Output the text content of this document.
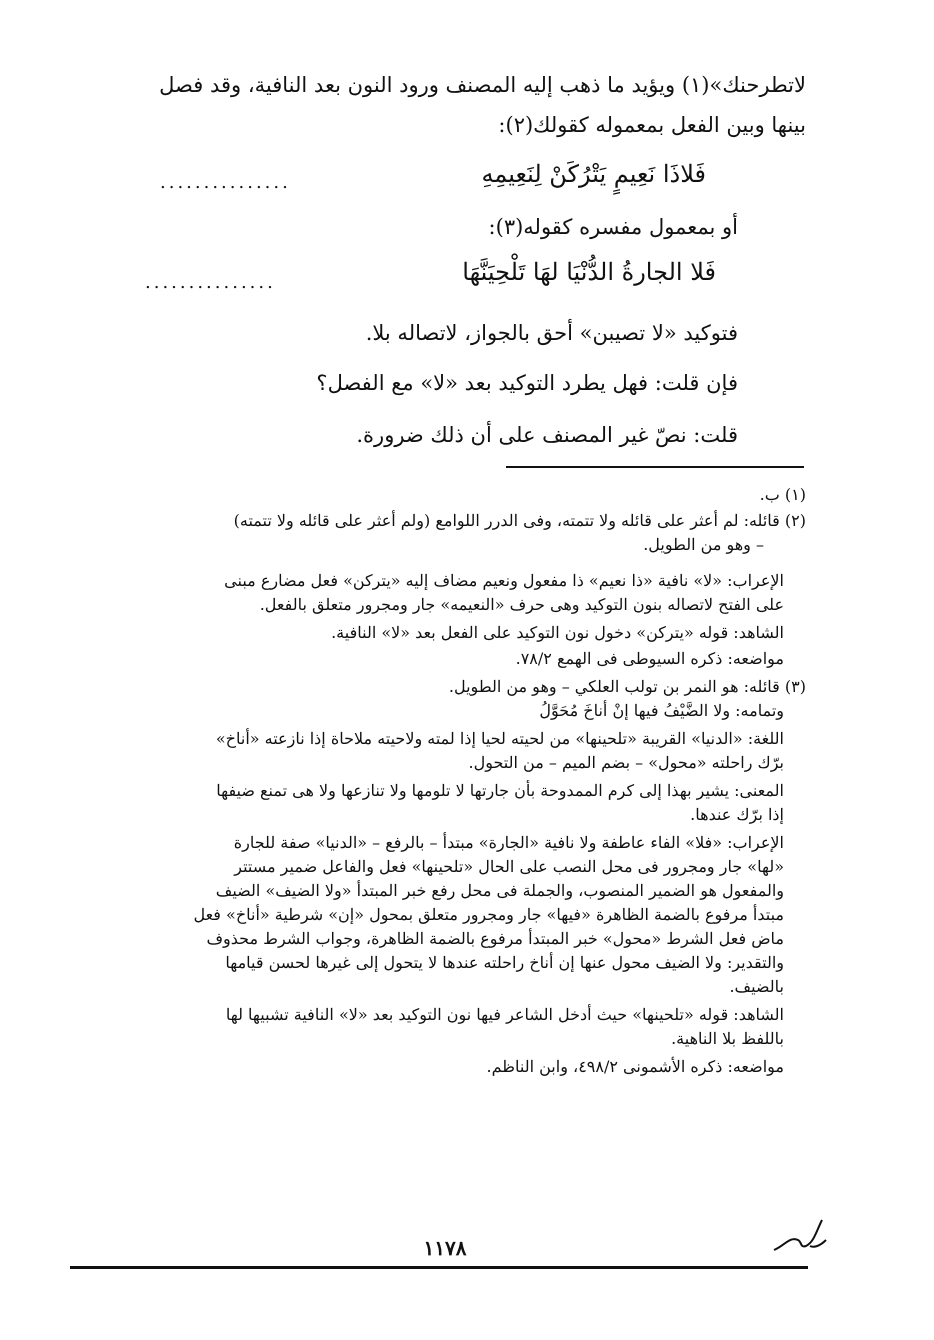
لاتطرحنك»(١) ويؤيد ما ذهب إليه المصنف ورود النون بعد النافية، وقد فصل
بينها وبين الفعل بمعموله كقولك(٢):
فَلاذَا نَعِيمٍ يَتْرُكَنْ لِنَعِيمِهِ
...............
أو بمعمول مفسره كقوله(٣):
فَلا الجارةُ الدُّنْيَا لهَا تَلْحِيَنَّهَا
...............
فتوكيد «لا تصيبن» أحق بالجواز، لاتصاله بلا.
فإن قلت: فهل يطرد التوكيد بعد «لا» مع الفصل؟
قلت: نصّ غير المصنف على أن ذلك ضرورة.
(١) ب.
(٢) قائله: لم أعثر على قائله ولا تتمته، وفى الدرر اللوامع (ولم أعثر على قائله ولا تتمته)
– وهو من الطويل.
الإعراب: «لا» نافية «ذا نعيم» ذا مفعول ونعيم مضاف إليه «يتركن» فعل مضارع مبنى
على الفتح لاتصاله بنون التوكيد وهى حرف «النعيمه» جار ومجرور متعلق بالفعل.
الشاهد: قوله «يتركن» دخول نون التوكيد على الفعل بعد «لا» النافية.
مواضعه: ذكره السيوطى فى الهمع ٧٨/٢.
(٣) قائله: هو النمر بن تولب العلكي – وهو من الطويل.
وتمامه: ولا الضَّيْفُ فيها إنْ أناخَ مُحَوَّلُ
اللغة: «الدنيا» القريبة «تلحينها» من لحيته لحيا إذا لمته ولاحيته ملاحاة إذا نازعته «أناخ»
برّك راحلته «محول» – بضم الميم – من التحول.
المعنى: يشير بهذا إلى كرم الممدوحة بأن جارتها لا تلومها ولا تنازعها ولا هى تمنع ضيفها
إذا برّك عندها.
الإعراب: «فلا» الفاء عاطفة ولا نافية «الجارة» مبتدأ – بالرفع – «الدنيا» صفة للجارة
«لها» جار ومجرور فى محل النصب على الحال «تلحينها» فعل والفاعل ضمير مستتر
والمفعول هو الضمير المنصوب، والجملة فى محل رفع خبر المبتدأ «ولا الضيف» الضيف
مبتدأ مرفوع بالضمة الظاهرة «فيها» جار ومجرور متعلق بمحول «إن» شرطية «أناخ» فعل
ماض فعل الشرط «محول» خبر المبتدأ مرفوع بالضمة الظاهرة، وجواب الشرط محذوف
والتقدير: ولا الضيف محول عنها إن أناخ راحلته عندها لا يتحول إلى غيرها لحسن قيامها
بالضيف.
الشاهد: قوله «تلحينها» حيث أدخل الشاعر فيها نون التوكيد بعد «لا» النافية تشبيها لها
باللفظ بلا الناهية.
مواضعه: ذكره الأشمونى ٤٩٨/٢، وابن الناظم.
١١٧٨
